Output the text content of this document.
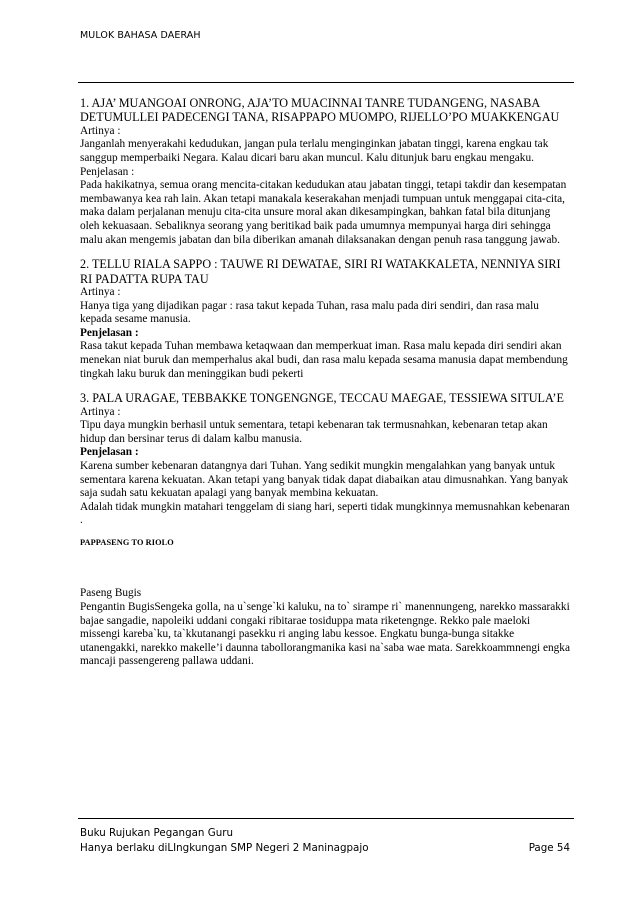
MULOK BAHASA DAERAH

1. AJA’ MUANGOAI ONRONG, AJA’TO MUACINNAI TANRE TUDANGENG, NASABA DETUMULLEI PADECENGI TANA, RISAPPAPO MUOMPO, RIJELLO’PO MUAKKENGAU

Artinya :

Janganlah menyerakahi kedudukan, jangan pula terlalu menginginkan jabatan tinggi, karena engkau tak sanggup memperbaiki Negara. Kalau dicari baru akan muncul. Kalu ditunjuk baru engkau mengaku.

Penjelasan :

Pada hakikatnya, semua orang mencita-citakan kedudukan atau jabatan tinggi, tetapi takdir dan kesempatan membawanya kea rah lain. Akan tetapi manakala keserakahan menjadi tumpuan untuk menggapai cita-cita, maka dalam perjalanan menuju cita-cita unsure moral akan dikesampingkan, bahkan fatal bila ditunjang oleh kekuasaan. Sebaliknya seorang yang beritikad baik pada umumnya mempunyai harga diri sehingga malu akan mengemis jabatan dan bila diberikan amanah dilaksanakan dengan penuh rasa tanggung jawab.

2. TELLU RIALA SAPPO : TAUWE RI DEWATAE, SIRI RI WATAKKALETA, NENNIYA SIRI RI PADATTA RUPA TAU

Artinya :

Hanya tiga yang dijadikan pagar : rasa takut kepada Tuhan, rasa malu pada diri sendiri, dan rasa malu kepada sesame manusia.

Penjelasan :

Rasa takut kepada Tuhan membawa ketaqwaan dan memperkuat iman. Rasa malu kepada diri sendiri akan menekan niat buruk dan memperhalus akal budi, dan rasa malu kepada sesama manusia dapat membendung tingkah laku buruk dan meninggikan budi pekerti

3. PALA URAGAE, TEBBAKKE TONGENGNGE, TECCAU MAEGAE, TESSIEWA SITULA’E

Artinya :

Tipu daya mungkin berhasil untuk sementara, tetapi kebenaran tak termusnahkan, kebenaran tetap akan hidup dan bersinar terus di dalam kalbu manusia.

Penjelasan :

Karena sumber kebenaran datangnya dari Tuhan. Yang sedikit mungkin mengalahkan yang banyak untuk sementara karena kekuatan. Akan tetapi yang banyak tidak dapat diabaikan atau dimusnahkan. Yang banyak saja sudah satu kekuatan apalagi yang banyak membina kekuatan.

Adalah tidak mungkin matahari tenggelam di siang hari, seperti tidak mungkinnya memusnahkan kebenaran .

PAPPASENG TO RIOLO

Paseng Bugis

Pengantin BugisSengeka golla, na u`senge`ki kaluku, na to` sirampe ri` manennungeng, narekko massarakki bajae sangadie, napoleiki uddani congaki ribitarae tosiduppa mata riketengnge. Rekko pale maeloki missengi kareba`ku, ta`kkutanangi pasekku ri anging labu kessoe. Engkatu bunga-bunga sitakke utanengakki, narekko makelle’i daunna tabollorangmanika kasi na`saba wae mata. Sarekkoammnengi engka mancaji passengereng pallawa uddani.

Buku Rujukan Pegangan Guru
Hanya berlaku diLIngkungan SMP Negeri 2 Maninagpajo	Page 54
